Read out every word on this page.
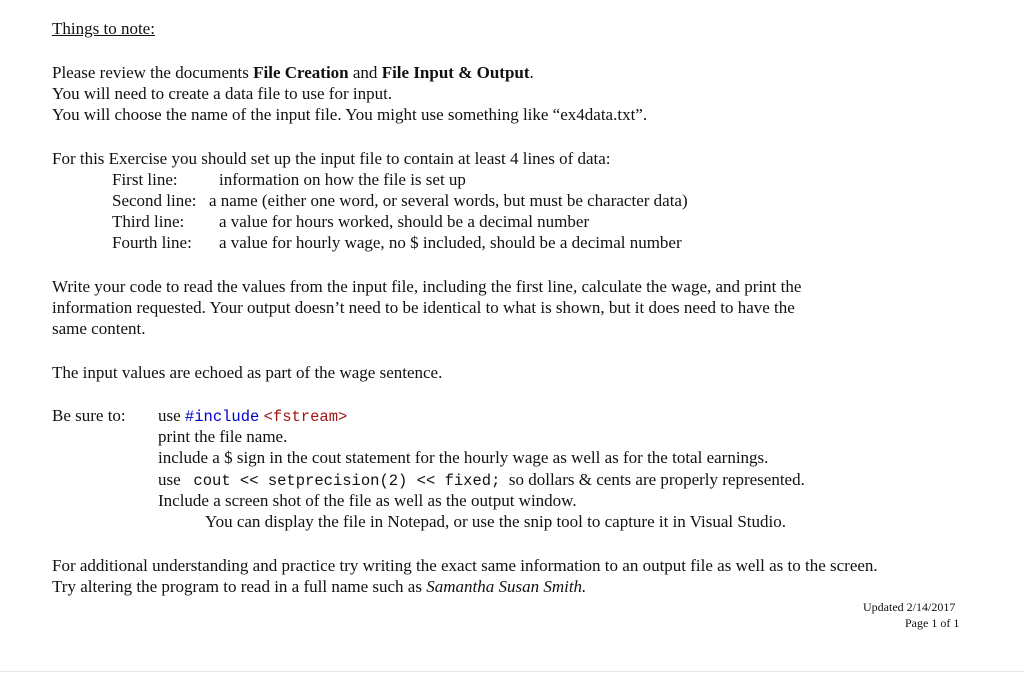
Things to note:
Please review the documents File Creation and File Input & Output.
You will need to create a data file to use for input.
You will choose the name of the input file. You might use something like “ex4data.txt”.
For this Exercise you should set up the input file to contain at least 4 lines of data:
First line: information on how the file is set up
Second line: a name (either one word, or several words, but must be character data)
Third line: a value for hours worked, should be a decimal number
Fourth line: a value for hourly wage, no $ included, should be a decimal number
Write your code to read the values from the input file, including the first line, calculate the wage, and print the
information requested. Your output doesn’t need to be identical to what is shown, but it does need to have the
same content.
The input values are echoed as part of the wage sentence.
Be sure to: use #include <fstream>
print the file name.
include a $ sign in the cout statement for the hourly wage as well as for the total earnings.
use cout << setprecision(2) << fixed; so dollars & cents are properly represented.
Include a screen shot of the file as well as the output window.
You can display the file in Notepad, or use the snip tool to capture it in Visual Studio.
For additional understanding and practice try writing the exact same information to an output file as well as to the screen.
Try altering the program to read in a full name such as Samantha Susan Smith.
Updated 2/14/2017
Page 1 of 1
